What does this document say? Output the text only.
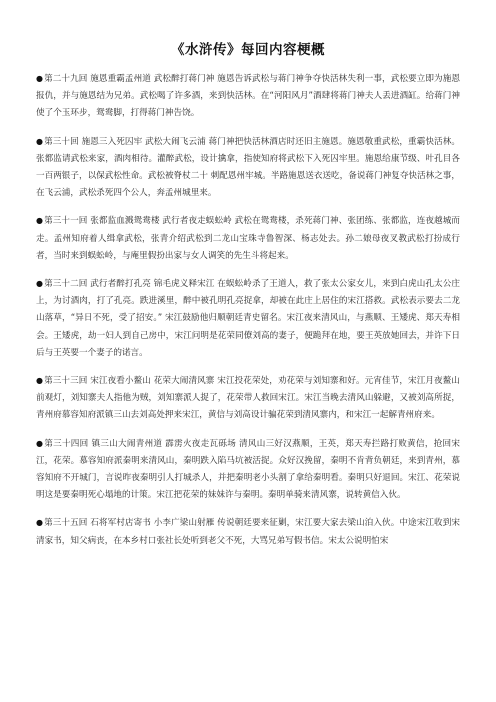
《水浒传》每回内容梗概

●第二十九回 施恩重霸孟州道 武松醉打蒋门神 施恩告诉武松与蒋门神争夺快活林失利一事，武松要立即为施恩报仇，并与施恩结为兄弟。武松喝了许多酒，来到快活林。在“河阳风月”酒肆将蒋门神夫人丢进酒缸。给蒋门神使了个玉环步，鸳鸯脚，打得蒋门神告饶。

●第三十回 施恩三入死囚牢 武松大闹飞云浦 蒋门神把快活林酒店时还旧主施恩。施恩敬重武松，重霸快活林。张都监请武松来家，酒肉相待。灌醉武松，设计擒拿，指使知府将武松下入死囚牢里。施恩给康节级、叶孔目各一百两银子，以保武松性命。武松被脊杖二十 刺配恩州牢城。半路施恩送衣送吃，备说蒋门神复夺快活林之事，在飞云浦，武松杀死四个公人，奔孟州城里来。

●第三十一回 张都监血溅鸳鸯楼 武行者夜走蜈蚣岭 武松在鸳鸯楼，杀死蒋门神、张团练、张都监，连夜越城而走。孟州知府着人缉拿武松，张青介绍武松到二龙山宝珠寺鲁智深、杨志处去。孙二娘母夜叉教武松打扮成行者，当时来到蜈蚣岭，与庵里假扮出家与女人调笑的先生斗将起来。

●第三十二回 武行者醉打孔亮 锦毛虎义释宋江 在蜈蚣岭杀了王道人，救了张太公家女儿，来到白虎山孔太公庄上，为讨酒肉，打了孔亮。跌进溪里，醉中被孔明孔亮捉拿，却被在此庄上居住的宋江搭救。武松表示要去二龙山落草，“异日不死，受了招安。” 宋江鼓励他归顺朝廷青史留名。宋江夜来清风山，与燕顺、王矮虎、郑天寿相会。王矮虎，劫一妇人到自己房中，宋江问明是花荣同僚刘高的妻子，便跪拜在地，要王英放她回去，并许下日后与王英要一个妻子的诺言。

●第三十三回 宋江夜看小鳌山 花荣大闹清风寨 宋江投花荣处，劝花荣与刘知寨和好。元宵佳节，宋江月夜鳌山前观灯，刘知寨夫人指他为贼，刘知寨派人捉了，花荣带人救回宋江。宋江当晚去清风山躲避，又被刘高所捉，青州府慕容知府派镇三山去刘高处押来宋江，黄信与刘高设计骗花荣到清风寨内，和宋江一起解青州府来。

●第三十四回 镇三山大闹青州道 霹雳火夜走瓦砾场 清风山三好汉燕顺，王英，郑天寿拦路打败黄信，抢回宋江，花荣。慕容知府派秦明来清风山，秦明跌入陷马坑被活捉。众好汉挽留，秦明不肯背负朝廷，来到青州，慕容知府不开城门，言说昨夜秦明引人打城杀人，并把秦明老小头割了拿给秦明看。秦明只好退回。宋江、花荣说明这是要秦明死心塌地的计策。宋江把花荣的妹妹许与秦明。秦明单骑来清风寨，说转黄信入伙。

●第三十五回 石将军村店寄书 小李广梁山射雁 传说朝廷要来征剿，宋江要大家去梁山泊入伙。中途宋江收到宋清家书，知父病丧，在本乡村口张社长处听到老父不死，大骂兄弟写假书信。宋太公说明怕宋
